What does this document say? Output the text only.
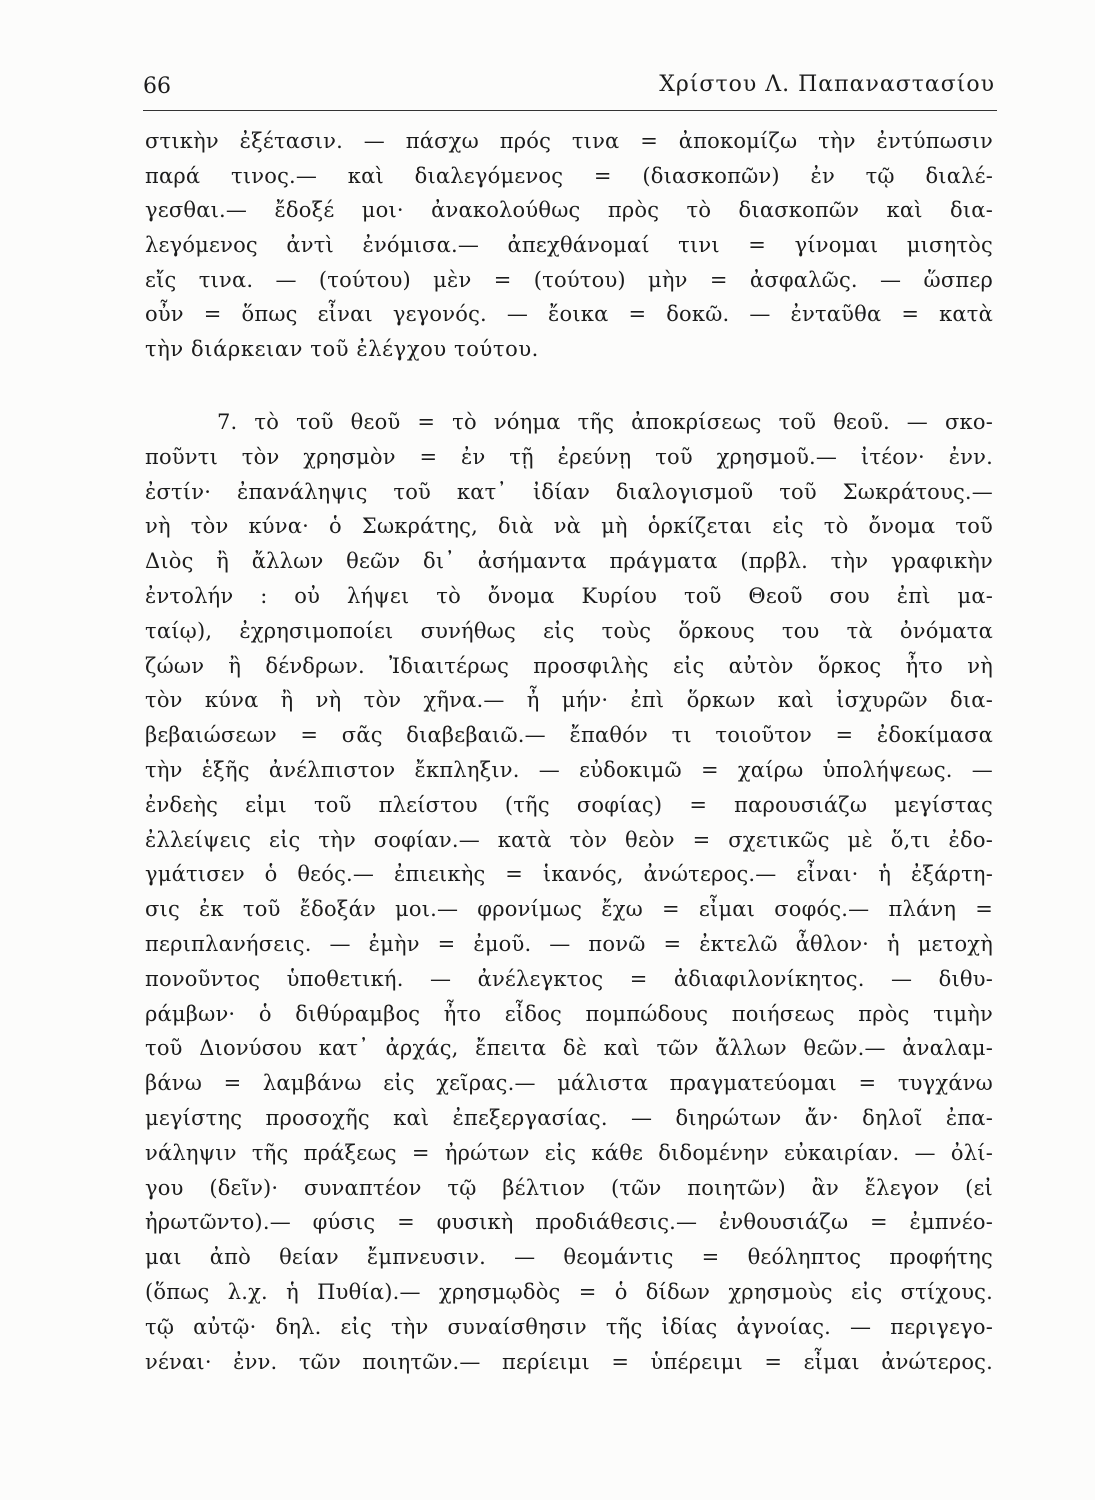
66	Χρίστου Λ. Παπαναστασίου
στικὴν ἐξέτασιν. — πάσχω πρός τινα = ἀποκομίζω τὴν ἐντύπωσιν
παρά τινος.— καὶ διαλεγόμενος = (διασκοπῶν) ἐν τῷ διαλέ-
γεσθαι.— ἔδοξέ μοι· ἀνακολούθως πρὸς τὸ διασκοπῶν καὶ δια-
λεγόμενος ἀντὶ ἐνόμισα.— ἀπεχθάνομαί τινι = γίνομαι μισητὸς
εἴς τινα. — (τούτου) μὲν = (τούτου) μὴν = ἀσφαλῶς. — ὥσπερ
οὖν = ὅπως εἶναι γεγονός. — ἔοικα = δοκῶ. — ἐνταῦθα = κατὰ
τὴν διάρκειαν τοῦ ἐλέγχου τούτου.
7. τὸ τοῦ θεοῦ = τὸ νόημα τῆς ἀποκρίσεως τοῦ θεοῦ. — σκο-
ποῦντι τὸν χρησμὸν = ἐν τῇ ἐρεύνῃ τοῦ χρησμοῦ.— ἰτέον· ἐνν.
ἐστίν· ἐπανάληψις τοῦ κατ᾿ ἰδίαν διαλογισμοῦ τοῦ Σωκράτους.—
νὴ τὸν κύνα· ὁ Σωκράτης, διὰ νὰ μὴ ὁρκίζεται εἰς τὸ ὄνομα τοῦ
Διὸς ἢ ἄλλων θεῶν δι᾿ ἀσήμαντα πράγματα (πρβλ. τὴν γραφικὴν
ἐντολήν : οὐ λήψει τὸ ὄνομα Κυρίου τοῦ Θεοῦ σου ἐπὶ μα-
ταίῳ), ἐχρησιμοποίει συνήθως εἰς τοὺς ὅρκους του τὰ ὀνόματα
ζώων ἢ δένδρων. Ἰδιαιτέρως προσφιλὴς εἰς αὐτὸν ὅρκος ἦτο νὴ
τὸν κύνα ἢ νὴ τὸν χῆνα.— ἦ μήν· ἐπὶ ὅρκων καὶ ἰσχυρῶν δια-
βεβαιώσεων = σᾶς διαβεβαιῶ.— ἔπαθόν τι τοιοῦτον = ἐδοκίμασα
τὴν ἑξῆς ἀνέλπιστον ἔκπληξιν. — εὐδοκιμῶ = χαίρω ὑπολήψεως. —
ἐνδεὴς εἰμι τοῦ πλείστου (τῆς σοφίας) = παρουσιάζω μεγίστας
ἐλλείψεις εἰς τὴν σοφίαν.— κατὰ τὸν θεὸν = σχετικῶς μὲ ὅ,τι ἐδο-
γμάτισεν ὁ θεός.— ἐπιεικὴς = ἱκανός, ἀνώτερος.— εἶναι· ἡ ἐξάρτη-
σις ἐκ τοῦ ἔδοξάν μοι.— φρονίμως ἔχω = εἶμαι σοφός.— πλάνη =
περιπλανήσεις. — ἐμὴν = ἐμοῦ. — πονῶ = ἐκτελῶ ἆθλον· ἡ μετοχὴ
πονοῦντος ὑποθετική. — ἀνέλεγκτος = ἀδιαφιλονίκητος. — διθυ-
ράμβων· ὁ διθύραμβος ἦτο εἶδος πομπώδους ποιήσεως πρὸς τιμὴν
τοῦ Διονύσου κατ᾿ ἀρχάς, ἔπειτα δὲ καὶ τῶν ἄλλων θεῶν.— ἀναλαμ-
βάνω = λαμβάνω εἰς χεῖρας.— μάλιστα πραγματεύομαι = τυγχάνω
μεγίστης προσοχῆς καὶ ἐπεξεργασίας. — διηρώτων ἄν· δηλοῖ ἐπα-
νάληψιν τῆς πράξεως = ἠρώτων εἰς κάθε διδομένην εὐκαιρίαν. — ὀλί-
γου (δεῖν)· συναπτέον τῷ βέλτιον (τῶν ποιητῶν) ἂν ἔλεγον (εἰ
ἠρωτῶντο).— φύσις = φυσικὴ προδιάθεσις.— ἐνθουσιάζω = ἐμπνέο-
μαι ἀπὸ θείαν ἔμπνευσιν. — θεομάντις = θεόληπτος προφήτης
(ὅπως λ.χ. ἡ Πυθία).— χρησμῳδὸς = ὁ δίδων χρησμοὺς εἰς στίχους.
τῷ αὐτῷ· δηλ. εἰς τὴν συναίσθησιν τῆς ἰδίας ἀγνοίας. — περιγεγο-
νέναι· ἐνν. τῶν ποιητῶν.— περίειμι = ὑπέρειμι = εἶμαι ἀνώτερος.
